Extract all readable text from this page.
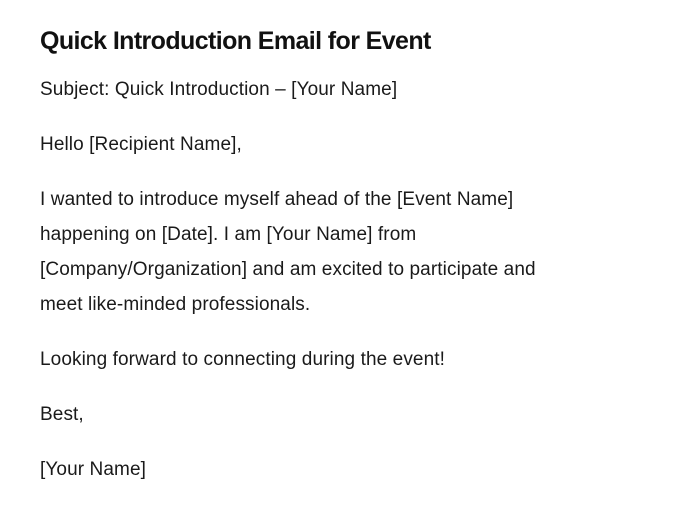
Quick Introduction Email for Event

Subject: Quick Introduction – [Your Name]

Hello [Recipient Name],

I wanted to introduce myself ahead of the [Event Name]
happening on [Date]. I am [Your Name] from
[Company/Organization] and am excited to participate and
meet like-minded professionals.

Looking forward to connecting during the event!

Best,

[Your Name]
